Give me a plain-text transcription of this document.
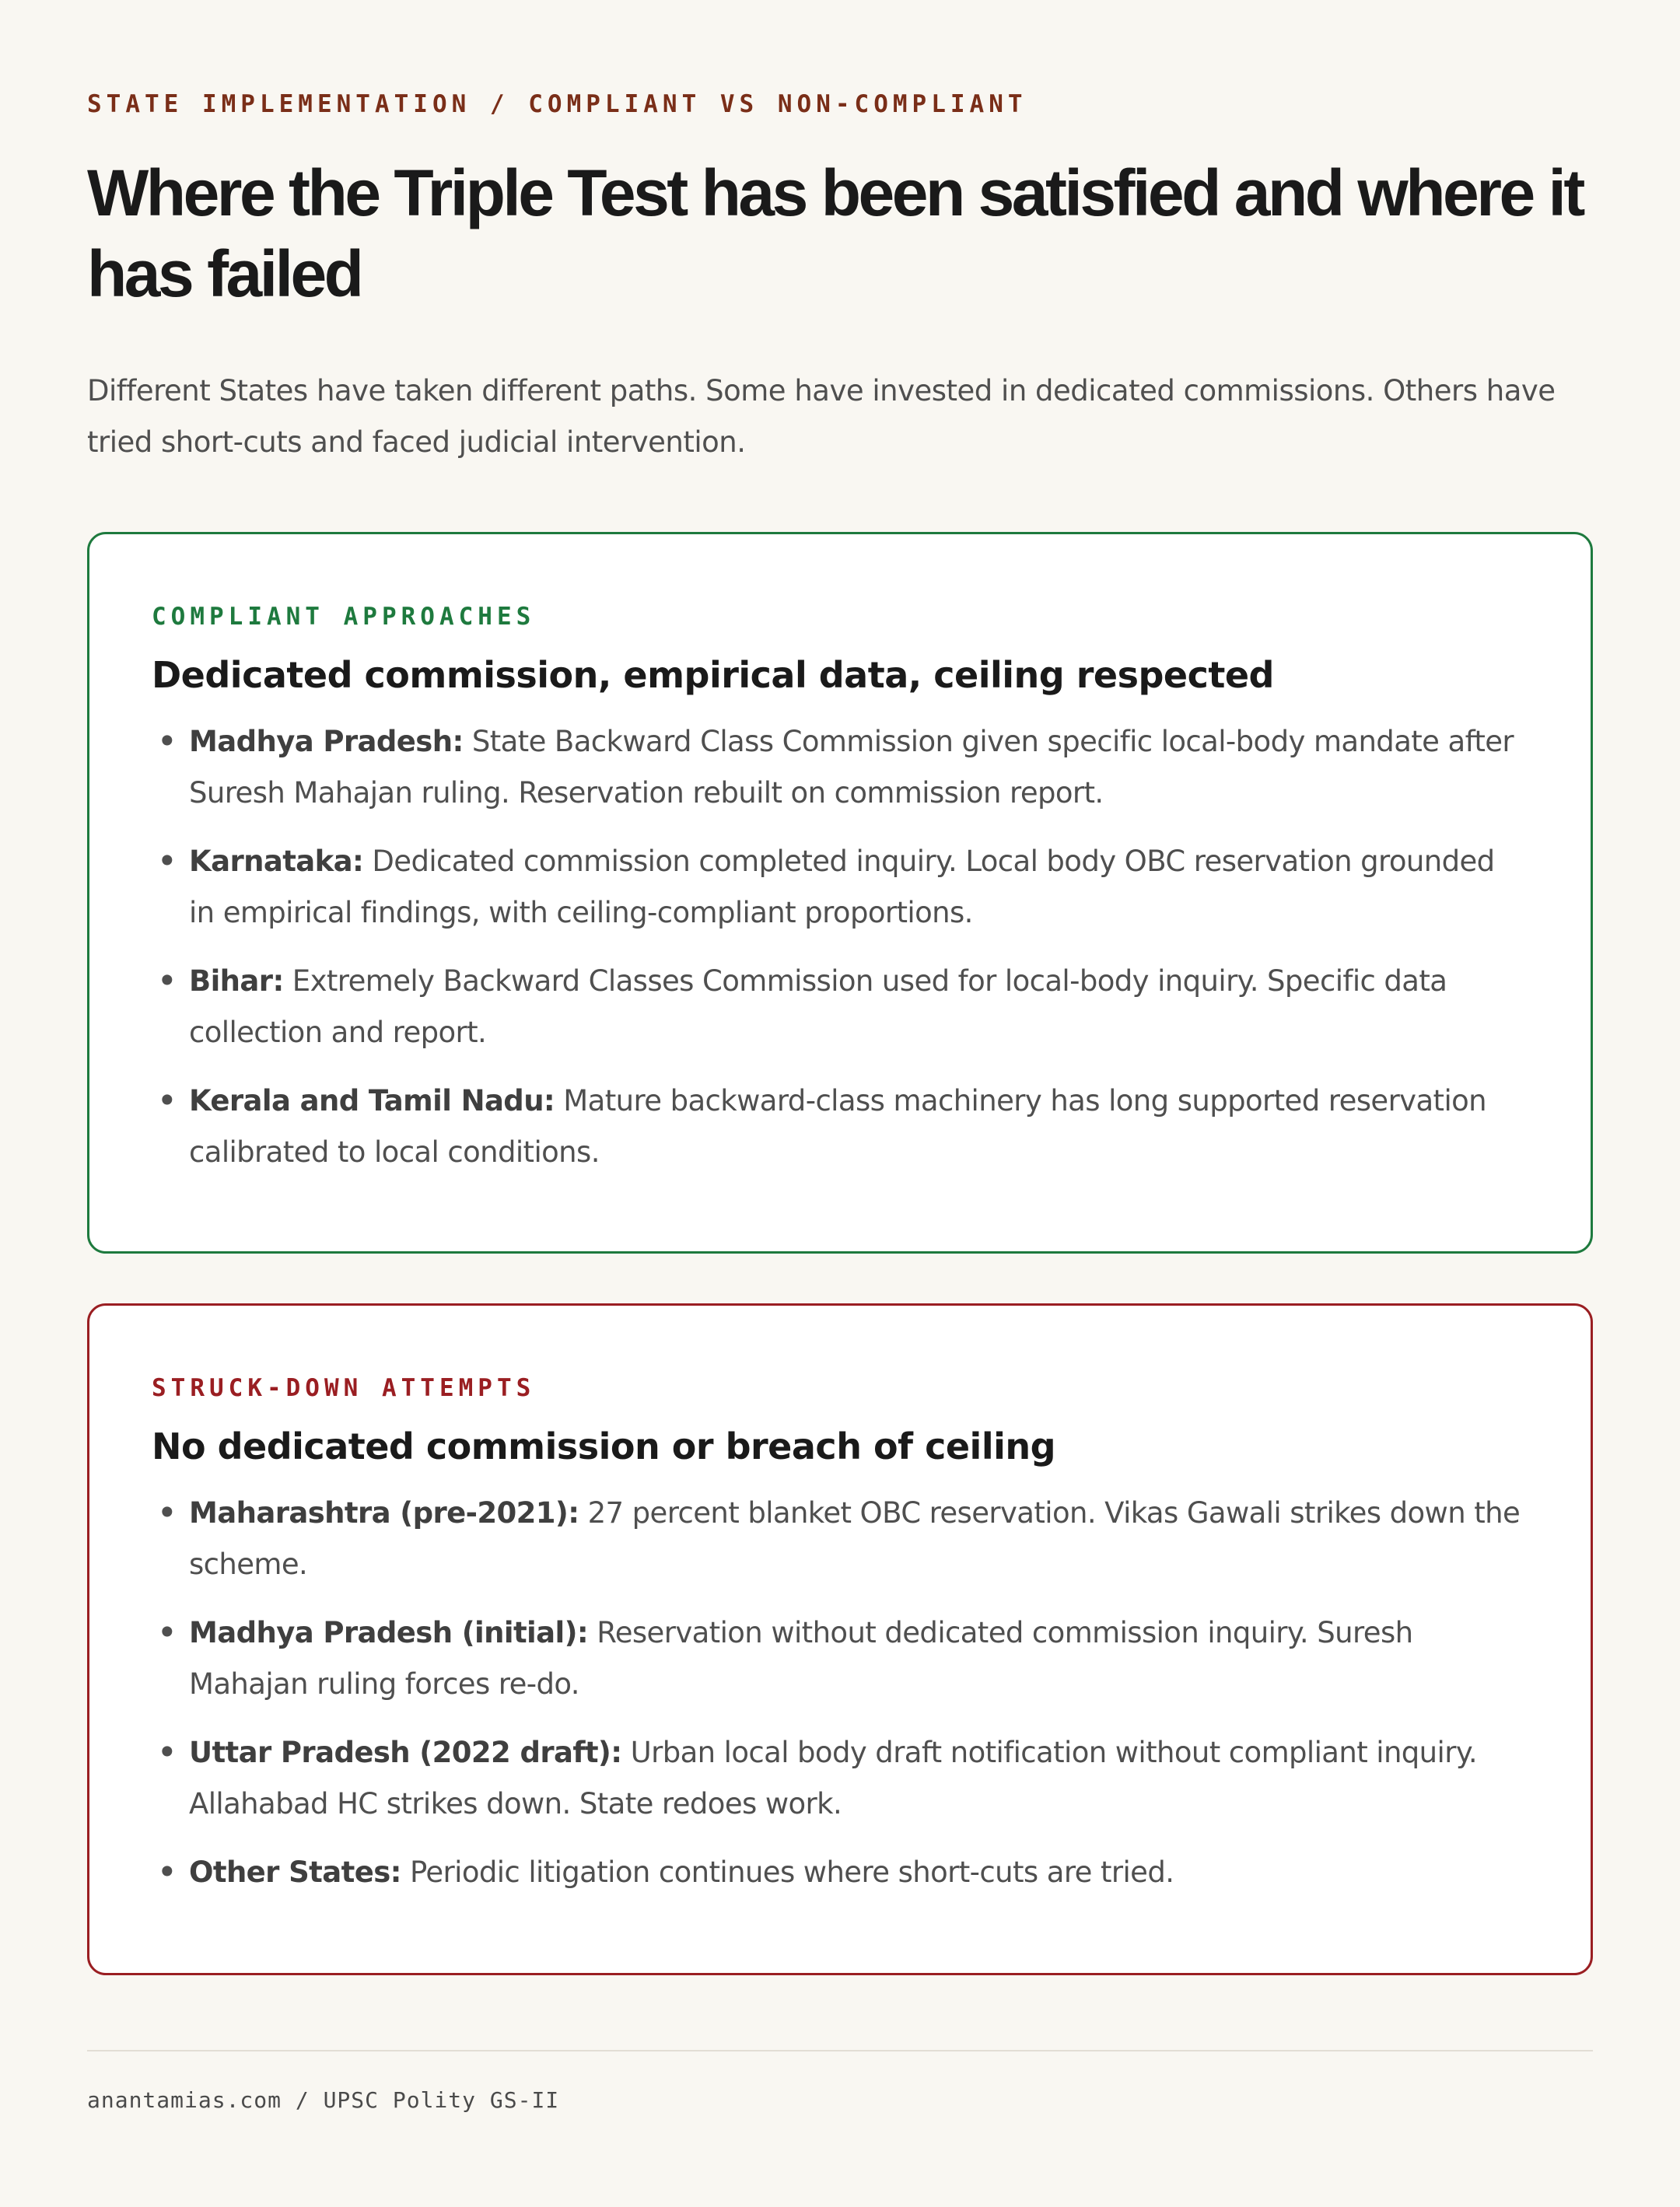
STATE IMPLEMENTATION / COMPLIANT VS NON-COMPLIANT
Where the Triple Test has been satisfied and where it has failed

Different States have taken different paths. Some have invested in dedicated commissions. Others have tried short-cuts and faced judicial intervention.

COMPLIANT APPROACHES
Dedicated commission, empirical data, ceiling respected
• Madhya Pradesh: State Backward Class Commission given specific local-body mandate after Suresh Mahajan ruling. Reservation rebuilt on commission report.
• Karnataka: Dedicated commission completed inquiry. Local body OBC reservation grounded in empirical findings, with ceiling-compliant proportions.
• Bihar: Extremely Backward Classes Commission used for local-body inquiry. Specific data collection and report.
• Kerala and Tamil Nadu: Mature backward-class machinery has long supported reservation calibrated to local conditions.
STRUCK-DOWN ATTEMPTS
No dedicated commission or breach of ceiling
• Maharashtra (pre-2021): 27 percent blanket OBC reservation. Vikas Gawali strikes down the scheme.
• Madhya Pradesh (initial): Reservation without dedicated commission inquiry. Suresh Mahajan ruling forces re-do.
• Uttar Pradesh (2022 draft): Urban local body draft notification without compliant inquiry. Allahabad HC strikes down. State redoes work.
• Other States: Periodic litigation continues where short-cuts are tried.
anantamias.com / UPSC Polity GS-II
